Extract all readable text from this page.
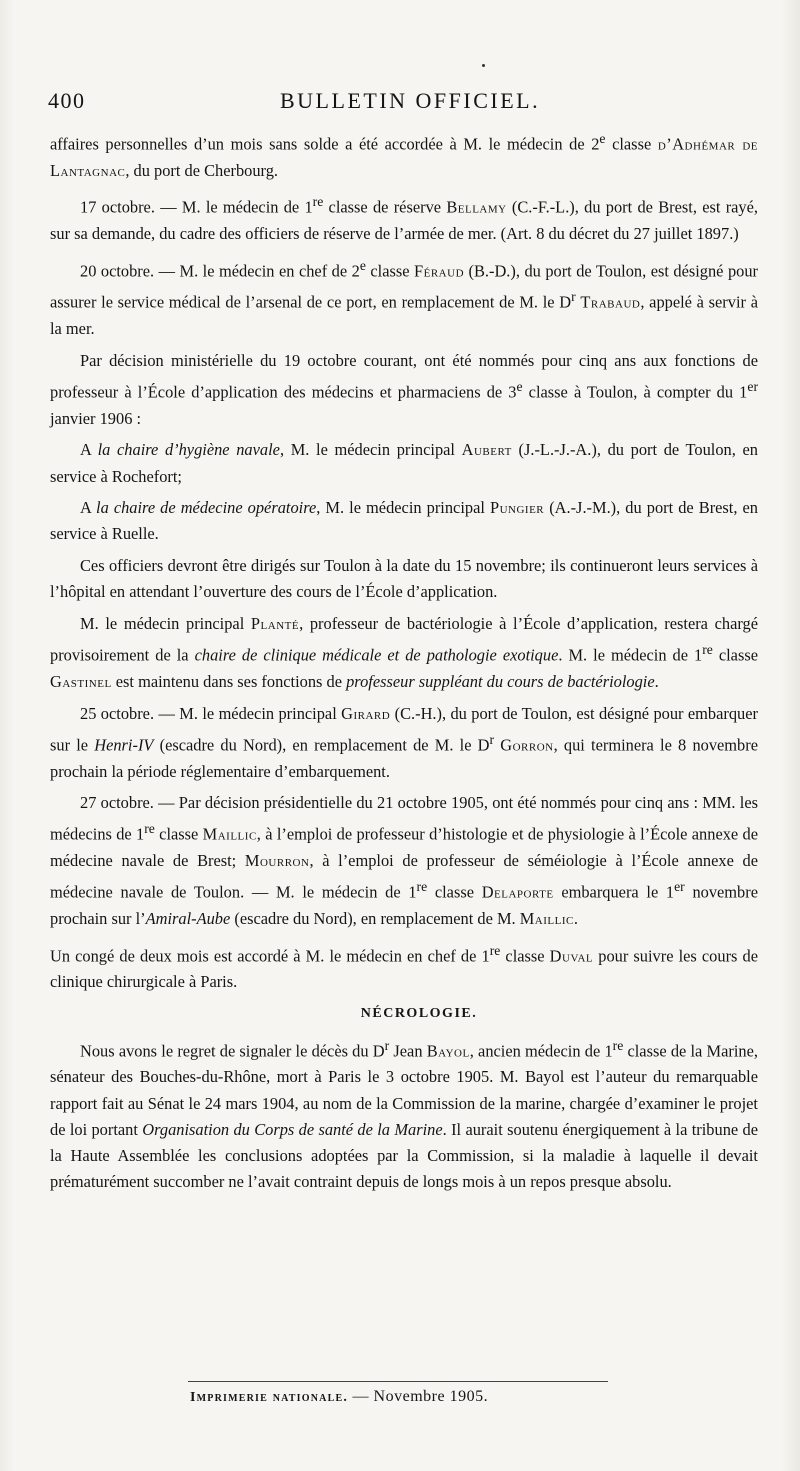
400	BULLETIN OFFICIEL.

affaires personnelles d’un mois sans solde a été accordée à M. le médecin de 2e classe d’Adhémar de Lantagnac, du port de Cherbourg.

17 octobre. — M. le médecin de 1re classe de réserve Bellamy (C.-F.-L.), du port de Brest, est rayé, sur sa demande, du cadre des officiers de réserve de l’armée de mer. (Art. 8 du décret du 27 juillet 1897.)

20 octobre. — M. le médecin en chef de 2e classe Féraud (B.-D.), du port de Toulon, est désigné pour assurer le service médical de l’arsenal de ce port, en remplacement de M. le $D^r$ Trabaud, appelé à servir à la mer.

Par décision ministérielle du 19 octobre courant, ont été nommés pour cinq ans aux fonctions de professeur à l’École d’application des médecins et pharmaciens de 3e classe à Toulon, à compter du 1er janvier 1906 :

A la chaire d’hygiène navale, M. le médecin principal Aubert (J.-L.-J.-A.), du port de Toulon, en service à Rochefort;

A la chaire de médecine opératoire, M. le médecin principal Pungier (A.-J.-M.), du port de Brest, en service à Ruelle.

Ces officiers devront être dirigés sur Toulon à la date du 15 novembre; ils continueront leurs services à l’hôpital en attendant l’ouverture des cours de l’École d’application.

M. le médecin principal Planté, professeur de bactériologie à l’École d’application, restera chargé provisoirement de la chaire de clinique médicale et de pathologie exotique. M. le médecin de 1re classe Gastinel est maintenu dans ses fonctions de professeur suppléant du cours de bactériologie.

25 octobre. — M. le médecin principal Girard (C.-H.), du port de Toulon, est désigné pour embarquer sur le Henri-IV (escadre du Nord), en remplacement de M. le $D^r$ Gorron, qui terminera le 8 novembre prochain la période réglementaire d’embarquement.

27 octobre. — Par décision présidentielle du 21 octobre 1905, ont été nommés pour cinq ans : MM. les médecins de 1re classe Maillic, à l’emploi de professeur d’histologie et de physiologie à l’École annexe de médecine navale de Brest; Mourron, à l’emploi de professeur de séméiologie à l’École annexe de médecine navale de Toulon. — M. le médecin de 1re classe Delaporte embarquera le 1er novembre prochain sur l’Amiral-Aube (escadre du Nord), en remplacement de M. Maillic.

Un congé de deux mois est accordé à M. le médecin en chef de 1re classe Duval pour suivre les cours de clinique chirurgicale à Paris.

NÉCROLOGIE.

Nous avons le regret de signaler le décès du $D^r$ Jean Bayol, ancien médecin de 1re classe de la Marine, sénateur des Bouches-du-Rhône, mort à Paris le 3 octobre 1905. M. Bayol est l’auteur du remarquable rapport fait au Sénat le 24 mars 1904, au nom de la Commission de la marine, chargée d’examiner le projet de loi portant Organisation du Corps de santé de la Marine. Il aurait soutenu énergiquement à la tribune de la Haute Assemblée les conclusions adoptées par la Commission, si la maladie à laquelle il devait prématurément succomber ne l’avait contraint depuis de longs mois à un repos presque absolu.

Imprimerie nationale. — Novembre 1905.
